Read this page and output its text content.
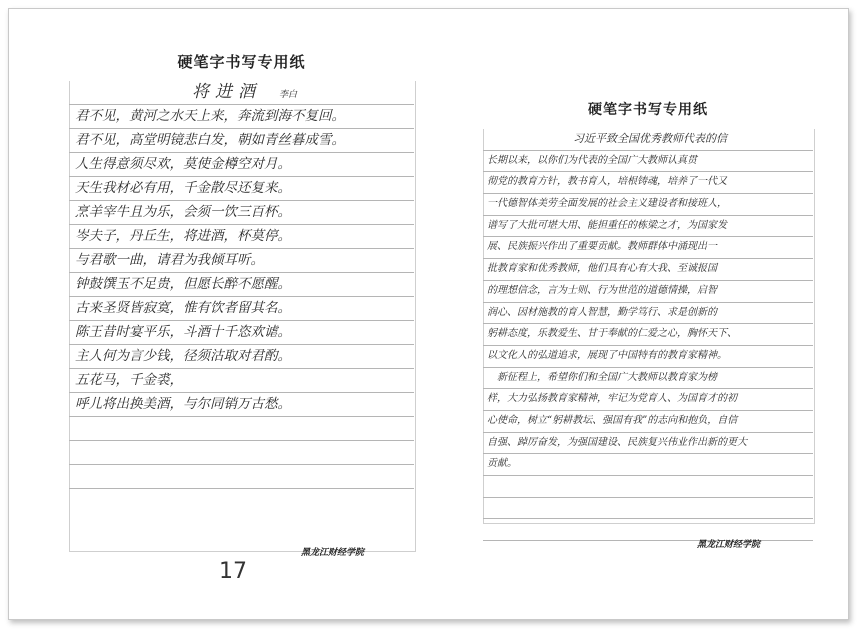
硬笔字书写专用纸
将进酒 李白
君不见，黄河之水天上来，奔流到海不复回。
君不见，高堂明镜悲白发，朝如青丝暮成雪。
人生得意须尽欢，莫使金樽空对月。
天生我材必有用，千金散尽还复来。
烹羊宰牛且为乐，会须一饮三百杯。
岑夫子，丹丘生，将进酒，杯莫停。
与君歌一曲，请君为我倾耳听。
钟鼓馔玉不足贵，但愿长醉不愿醒。
古来圣贤皆寂寞，惟有饮者留其名。
陈王昔时宴平乐，斗酒十千恣欢谑。
主人何为言少钱，径须沽取对君酌。
五花马，千金裘，
呼儿将出换美酒，与尔同销万古愁。
17
黑龙江财经学院
硬笔字书写专用纸
习近平致全国优秀教师代表的信
长期以来，以你们为代表的全国广大教师认真贯
彻党的教育方针，教书育人，培根铸魂，培养了一代又
一代德智体美劳全面发展的社会主义建设者和接班人，
谱写了大批可堪大用、能担重任的栋梁之才，为国家发
展、民族振兴作出了重要贡献。教师群体中涌现出一
批教育家和优秀教师，他们具有心有大我、至诚报国
的理想信念，言为士则、行为世范的道德情操，启智
润心、因材施教的育人智慧，勤学笃行、求是创新的
躬耕态度，乐教爱生、甘于奉献的仁爱之心，胸怀天下、
以文化人的弘道追求，展现了中国特有的教育家精神。
　新征程上，希望你们和全国广大教师以教育家为榜
样，大力弘扬教育家精神，牢记为党育人、为国育才的初
心使命，树立“躬耕教坛、强国有我”的志向和抱负，自信
自强、踔厉奋发，为强国建设、民族复兴伟业作出新的更大
贡献。
黑龙江财经学院
